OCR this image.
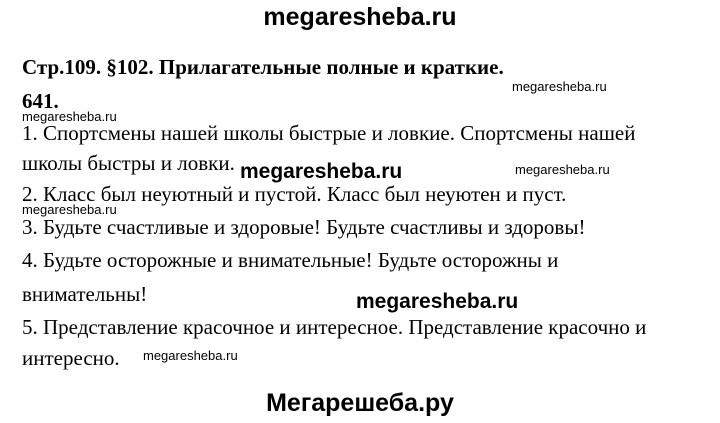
megaresheba.ru
Стр.109. §102. Прилагательные полные и краткие.
megaresheba.ru
641.
megaresheba.ru
1. Спортсмены нашей школы быстрые и ловкие. Спортсмены нашей
школы быстры и ловки. megaresheba.ru	megaresheba.ru
2. Класс был неуютный и пустой. Класс был неуютен и пуст.
megaresheba.ru
3. Будьте счастливые и здоровые! Будьте счастливы и здоровы!
4. Будьте осторожные и внимательные! Будьте осторожны и
внимательны!	megaresheba.ru
5. Представление красочное и интересное. Представление красочно и
интересно. megaresheba.ru
Мегарешеба.ру
